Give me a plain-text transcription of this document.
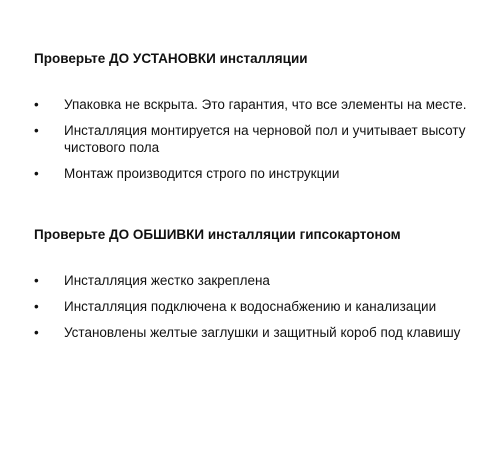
Проверьте ДО УСТАНОВКИ инсталляции

•	Упаковка не вскрыта. Это гарантия, что все элементы на месте.
•	Инсталляция монтируется на черновой пол и учитывает высоту чистового пола
•	Монтаж производится строго по инструкции

Проверьте ДО ОБШИВКИ инсталляции гипсокартоном

•	Инсталляция жестко закреплена
•	Инсталляция подключена к водоснабжению и канализации
•	Установлены желтые заглушки и защитный короб под клавишу
